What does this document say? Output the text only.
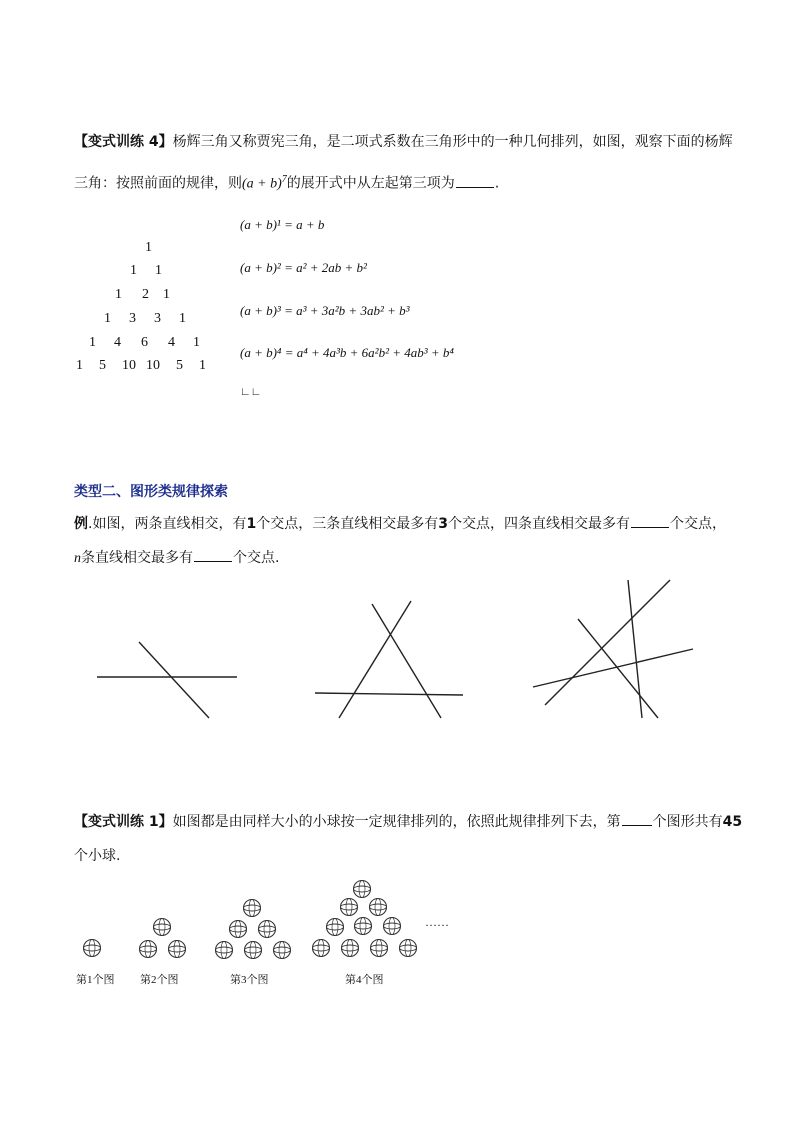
【变式训练 4】杨辉三角又称贾宪三角，是二项式系数在三角形中的一种几何排列，如图，观察下面的杨辉
三角：按照前面的规律，则$(a + b)^7$的展开式中从左起第三项为	.
1
1 1
1 2 1
1 3 3 1
1 4 6 4 1
1 5 10 10 5 1
(a + b)¹ = a + b
(a + b)² = a² + 2ab + b²
(a + b)³ = a³ + 3a²b + 3ab² + b³
(a + b)⁴ = a⁴ + 4a³b + 6a²b² + 4ab³ + b⁴
∟∟
类型二、图形类规律探索
例.如图，两条直线相交，有1个交点，三条直线相交最多有3个交点，四条直线相交最多有	个交点，
n条直线相交最多有	个交点.
【变式训练 1】如图都是由同样大小的小球按一定规律排列的，依照此规律排列下去，第 个图形共有45
个小球.
第1个图 第2个图	第3个图	第4个图
……
